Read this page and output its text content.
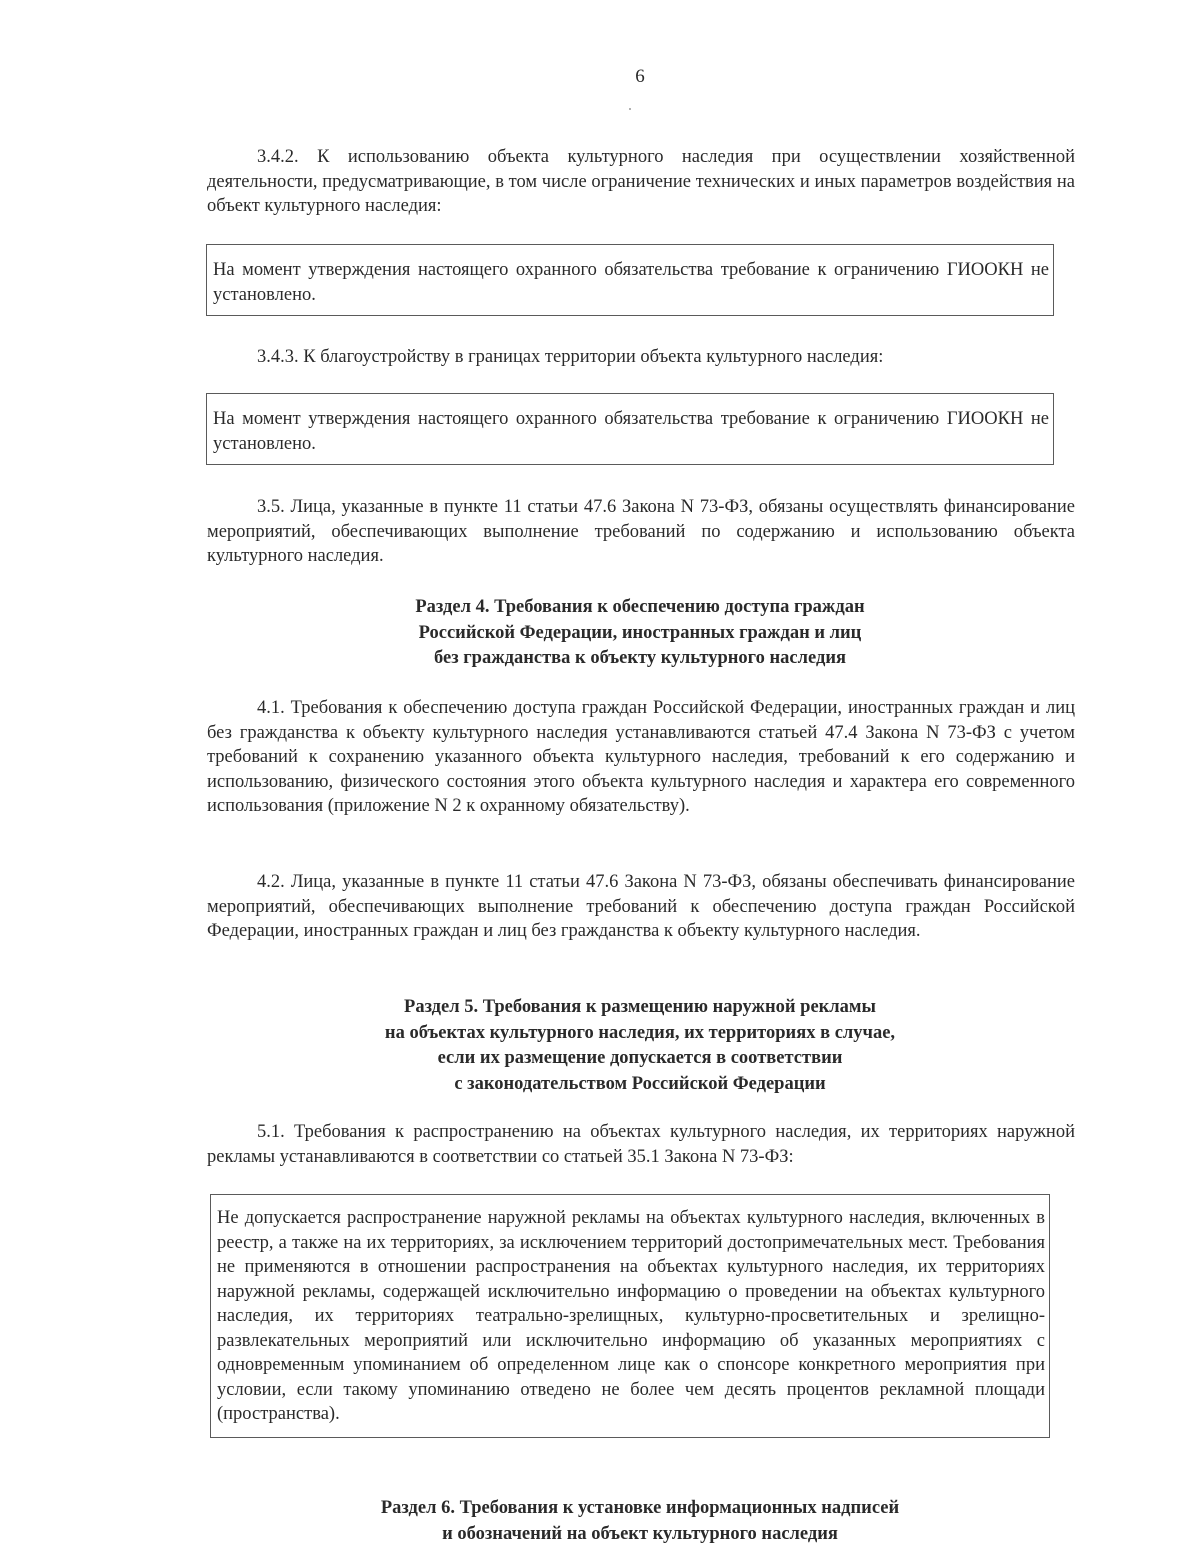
6
3.4.2. К использованию объекта культурного наследия при осуществлении хозяйственной деятельности, предусматривающие, в том числе ограничение технических и иных параметров воздействия на объект культурного наследия:
На момент утверждения настоящего охранного обязательства требование к ограничению ГИООКН не установлено.
3.4.3. К благоустройству в границах территории объекта культурного наследия:
На момент утверждения настоящего охранного обязательства требование к ограничению ГИООКН не установлено.
3.5. Лица, указанные в пункте 11 статьи 47.6 Закона N 73-ФЗ, обязаны осуществлять финансирование мероприятий, обеспечивающих выполнение требований по содержанию и использованию объекта культурного наследия.
Раздел 4. Требования к обеспечению доступа граждан
Российской Федерации, иностранных граждан и лиц
без гражданства к объекту культурного наследия
4.1. Требования к обеспечению доступа граждан Российской Федерации, иностранных граждан и лиц без гражданства к объекту культурного наследия устанавливаются статьей 47.4 Закона N 73-ФЗ с учетом требований к сохранению указанного объекта культурного наследия, требований к его содержанию и использованию, физического состояния этого объекта культурного наследия и характера его современного использования (приложение N 2 к охранному обязательству).
4.2. Лица, указанные в пункте 11 статьи 47.6 Закона N 73-ФЗ, обязаны обеспечивать финансирование мероприятий, обеспечивающих выполнение требований к обеспечению доступа граждан Российской Федерации, иностранных граждан и лиц без гражданства к объекту культурного наследия.
Раздел 5. Требования к размещению наружной рекламы
на объектах культурного наследия, их территориях в случае,
если их размещение допускается в соответствии
с законодательством Российской Федерации
5.1. Требования к распространению на объектах культурного наследия, их территориях наружной рекламы устанавливаются в соответствии со статьей 35.1 Закона N 73-ФЗ:
Не допускается распространение наружной рекламы на объектах культурного наследия, включенных в реестр, а также на их территориях, за исключением территорий достопримечательных мест. Требования не применяются в отношении распространения на объектах культурного наследия, их территориях наружной рекламы, содержащей исключительно информацию о проведении на объектах культурного наследия, их территориях театрально-зрелищных, культурно-просветительных и зрелищно-развлекательных мероприятий или исключительно информацию об указанных мероприятиях с одновременным упоминанием об определенном лице как о спонсоре конкретного мероприятия при условии, если такому упоминанию отведено не более чем десять процентов рекламной площади (пространства).
Раздел 6. Требования к установке информационных надписей
и обозначений на объект культурного наследия
